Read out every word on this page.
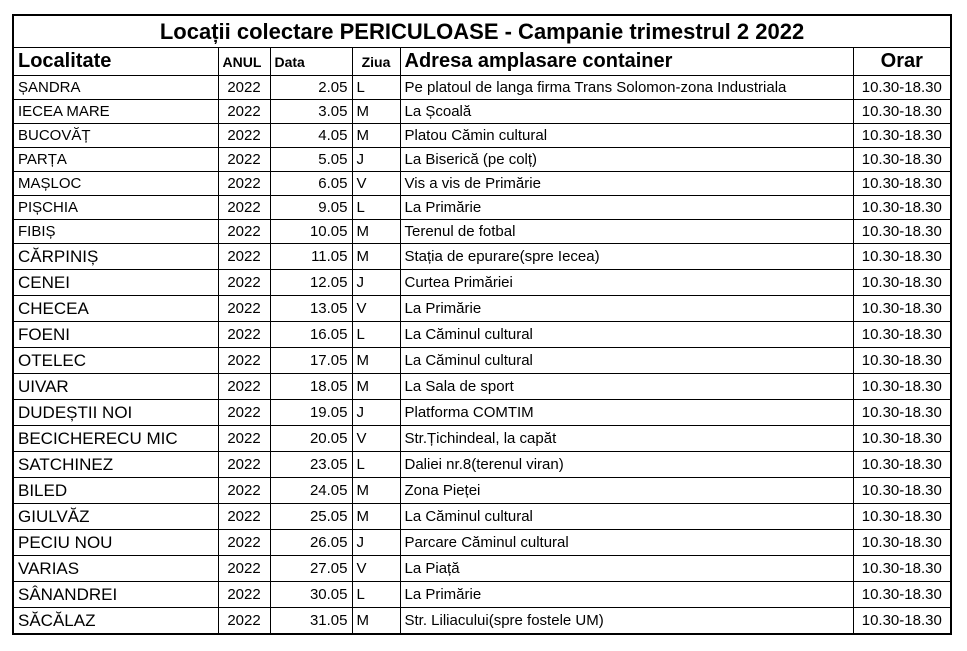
Locații colectare PERICULOASE - Campanie trimestrul 2 2022					
Localitate	ANUL	Data	Ziua	Adresa amplasare container	Orar
ȘANDRA	2022	2.05	L	Pe platoul de langa firma Trans Solomon-zona Industriala	10.30-18.30
IECEA MARE	2022	3.05	M	La Școală	10.30-18.30
BUCOVĂȚ	2022	4.05	M	Platou Cămin cultural	10.30-18.30
PARȚA	2022	5.05	J	La Biserică (pe colț)	10.30-18.30
MAȘLOC	2022	6.05	V	Vis a vis de Primărie	10.30-18.30
PIȘCHIA	2022	9.05	L	La Primărie	10.30-18.30
FIBIȘ	2022	10.05	M	Terenul de fotbal	10.30-18.30
CĂRPINIȘ	2022	11.05	M	Stația de epurare(spre Iecea)	10.30-18.30
CENEI	2022	12.05	J	Curtea Primăriei	10.30-18.30
CHECEA	2022	13.05	V	La Primărie	10.30-18.30
FOENI	2022	16.05	L	La Căminul cultural	10.30-18.30
OTELEC	2022	17.05	M	La Căminul cultural	10.30-18.30
UIVAR	2022	18.05	M	La Sala de sport	10.30-18.30
DUDEȘTII NOI	2022	19.05	J	Platforma COMTIM	10.30-18.30
BECICHERECU MIC	2022	20.05	V	Str.Țichindeal, la capăt	10.30-18.30
SATCHINEZ	2022	23.05	L	Daliei nr.8(terenul viran)	10.30-18.30
BILED	2022	24.05	M	Zona Pieței	10.30-18.30
GIULVĂZ	2022	25.05	M	La Căminul cultural	10.30-18.30
PECIU NOU	2022	26.05	J	Parcare Căminul cultural	10.30-18.30
VARIAS	2022	27.05	V	La Piață	10.30-18.30
SÂNANDREI	2022	30.05	L	La Primărie	10.30-18.30
SĂCĂLAZ	2022	31.05	M	Str. Liliacului(spre fostele UM)	10.30-18.30
